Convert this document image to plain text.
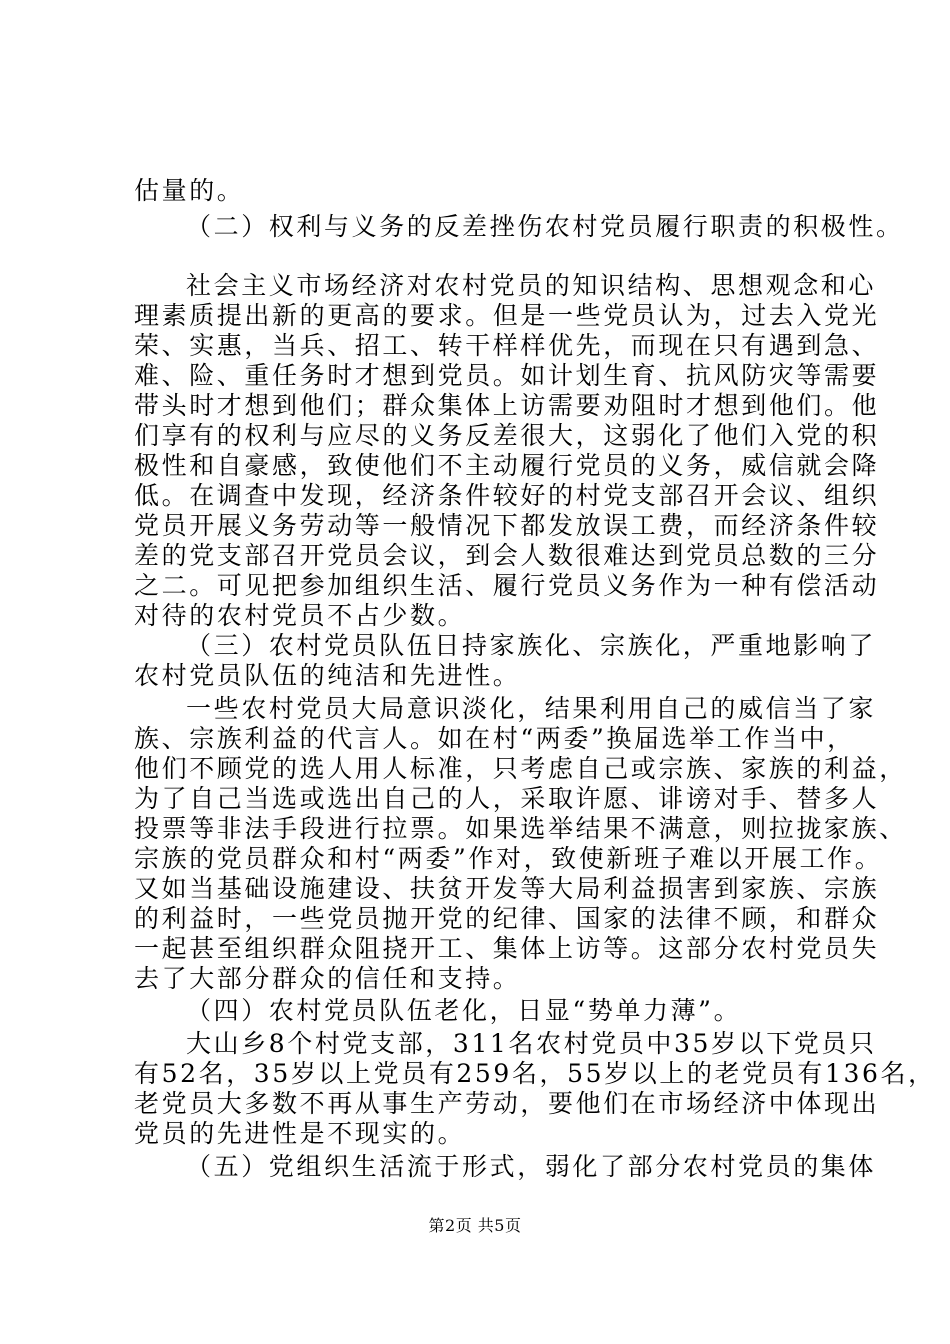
估量的。
（二）权利与义务的反差挫伤农村党员履行职责的积极性。
社会主义市场经济对农村党员的知识结构、思想观念和心
理素质提出新的更高的要求。但是一些党员认为，过去入党光
荣、实惠，当兵、招工、转干样样优先，而现在只有遇到急、
难、险、重任务时才想到党员。如计划生育、抗风防灾等需要
带头时才想到他们；群众集体上访需要劝阻时才想到他们。他
们享有的权利与应尽的义务反差很大，这弱化了他们入党的积
极性和自豪感，致使他们不主动履行党员的义务，威信就会降
低。在调查中发现，经济条件较好的村党支部召开会议、组织
党员开展义务劳动等一般情况下都发放误工费，而经济条件较
差的党支部召开党员会议，到会人数很难达到党员总数的三分
之二。可见把参加组织生活、履行党员义务作为一种有偿活动
对待的农村党员不占少数。
（三）农村党员队伍日持家族化、宗族化，严重地影响了
农村党员队伍的纯洁和先进性。
一些农村党员大局意识淡化，结果利用自己的威信当了家
族、宗族利益的代言人。如在村“两委”换届选举工作当中，
他们不顾党的选人用人标准，只考虑自己或宗族、家族的利益，
为了自己当选或选出自己的人，采取许愿、诽谤对手、替多人
投票等非法手段进行拉票。如果选举结果不满意，则拉拢家族、
宗族的党员群众和村“两委”作对，致使新班子难以开展工作。
又如当基础设施建设、扶贫开发等大局利益损害到家族、宗族
的利益时，一些党员抛开党的纪律、国家的法律不顾，和群众
一起甚至组织群众阻挠开工、集体上访等。这部分农村党员失
去了大部分群众的信任和支持。
（四）农村党员队伍老化，日显“势单力薄”。
大山乡8个村党支部，311名农村党员中35岁以下党员只
有52名，35岁以上党员有259名，55岁以上的老党员有136名，
老党员大多数不再从事生产劳动，要他们在市场经济中体现出
党员的先进性是不现实的。
（五）党组织生活流于形式，弱化了部分农村党员的集体
第2页 共5页
